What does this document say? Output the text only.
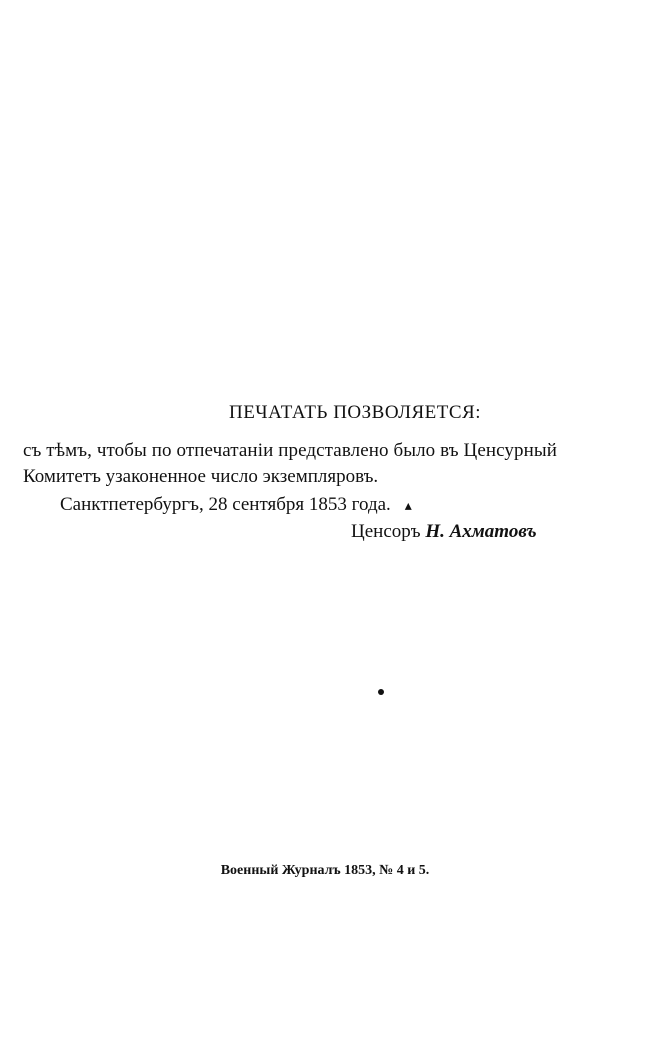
ПЕЧАТАТЬ ПОЗВОЛЯЕТСЯ:
съ тѣмъ, чтобы по отпечатаніи представлено было въ Ценсурный
Комитетъ узаконенное число экземпляровъ.
Санктпетербургъ, 28 сентября 1853 года. ▴
Ценсоръ Н. Ахматовъ
Военный Журналъ 1853, № 4 и 5.
